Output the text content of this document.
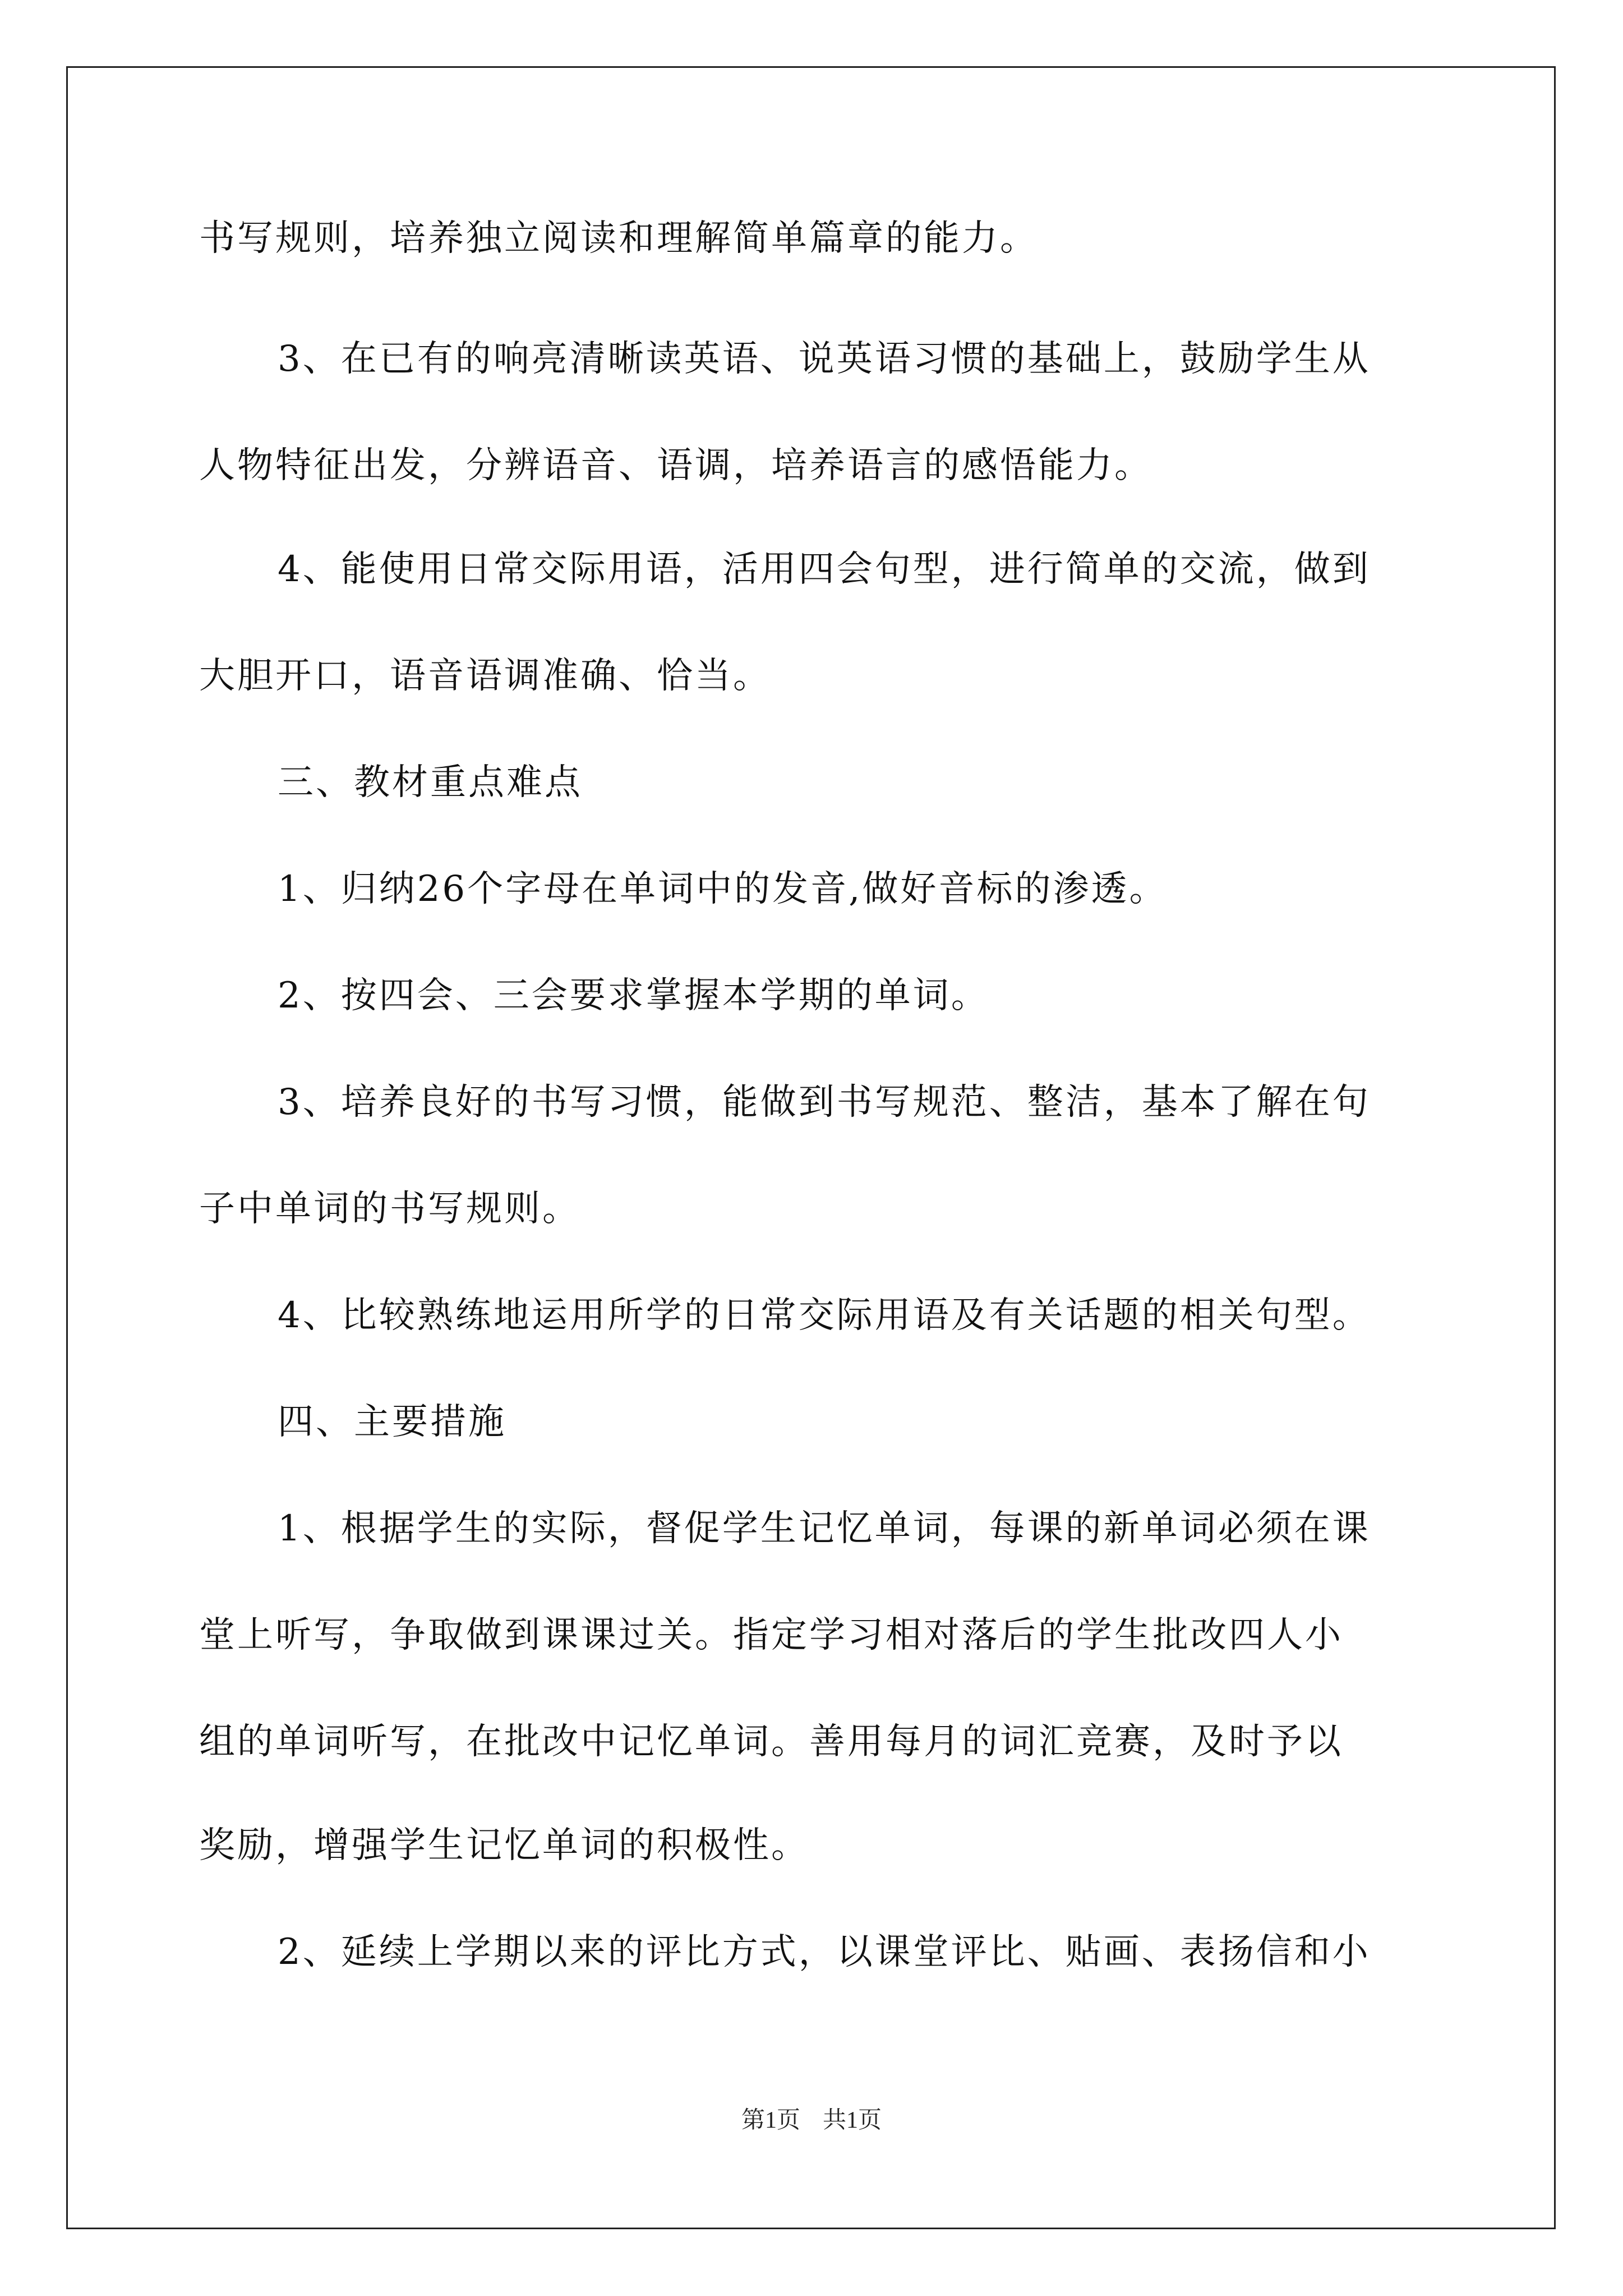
书写规则，培养独立阅读和理解简单篇章的能力。
3、在已有的响亮清晰读英语、说英语习惯的基础上，鼓励学生从
人物特征出发，分辨语音、语调，培养语言的感悟能力。
4、能使用日常交际用语，活用四会句型，进行简单的交流，做到
大胆开口，语音语调准确、恰当。
三、教材重点难点
1、归纳26个字母在单词中的发音,做好音标的渗透。
2、按四会、三会要求掌握本学期的单词。
3、培养良好的书写习惯，能做到书写规范、整洁，基本了解在句
子中单词的书写规则。
4、比较熟练地运用所学的日常交际用语及有关话题的相关句型。
四、主要措施
1、根据学生的实际，督促学生记忆单词，每课的新单词必须在课
堂上听写，争取做到课课过关。指定学习相对落后的学生批改四人小
组的单词听写，在批改中记忆单词。善用每月的词汇竞赛，及时予以
奖励，增强学生记忆单词的积极性。
2、延续上学期以来的评比方式，以课堂评比、贴画、表扬信和小
第1页 共1页
